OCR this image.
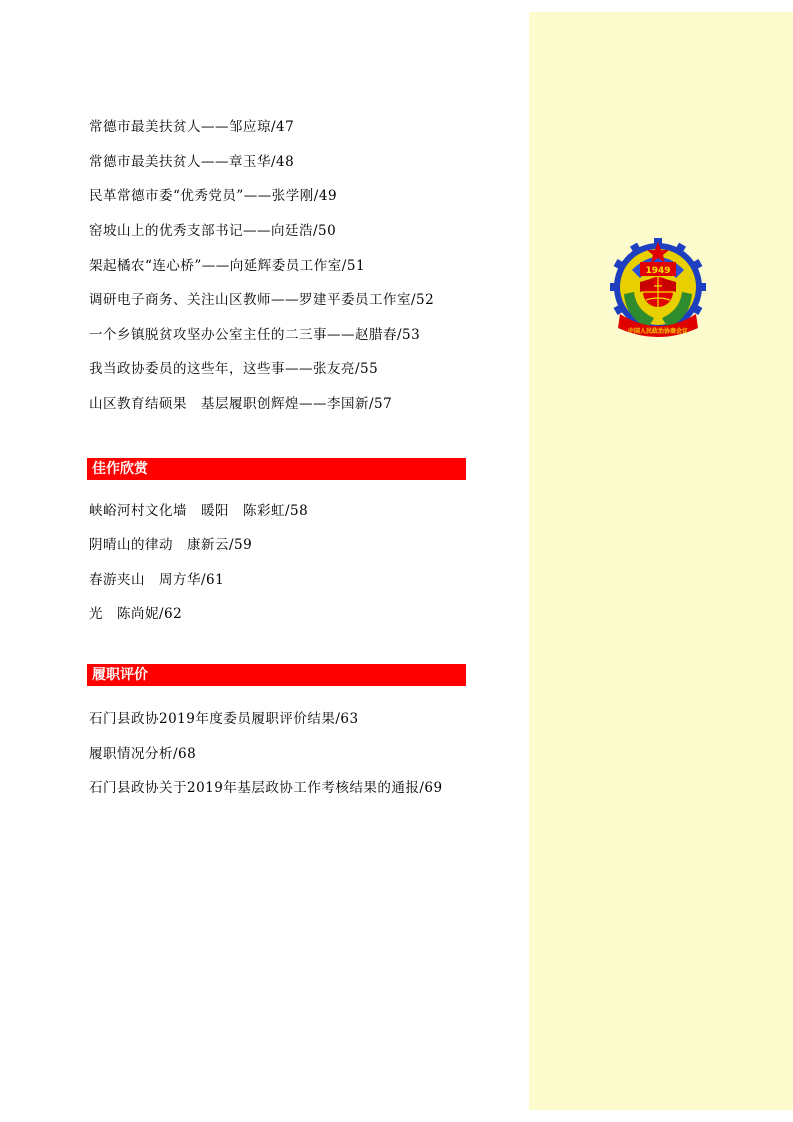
1949
中国人民政治协商会议
常德市最美扶贫人——邹应琼/47
常德市最美扶贫人——章玉华/48
民革常德市委“优秀党员”——张学刚/49
窑坡山上的优秀支部书记——向廷浩/50
架起橘农“连心桥”——向延辉委员工作室/51
调研电子商务、关注山区教师——罗建平委员工作室/52
一个乡镇脱贫攻坚办公室主任的二三事——赵腊春/53
我当政协委员的这些年，这些事——张友亮/55
山区教育结硕果　基层履职创辉煌——李国新/57
佳作欣赏
峡峪河村文化墙　暖阳　陈彩虹/58
阴晴山的律动　康新云/59
春游夹山　周方华/61
光　陈尚妮/62
履职评价
石门县政协2019年度委员履职评价结果/63
履职情况分析/68
石门县政协关于2019年基层政协工作考核结果的通报/69
